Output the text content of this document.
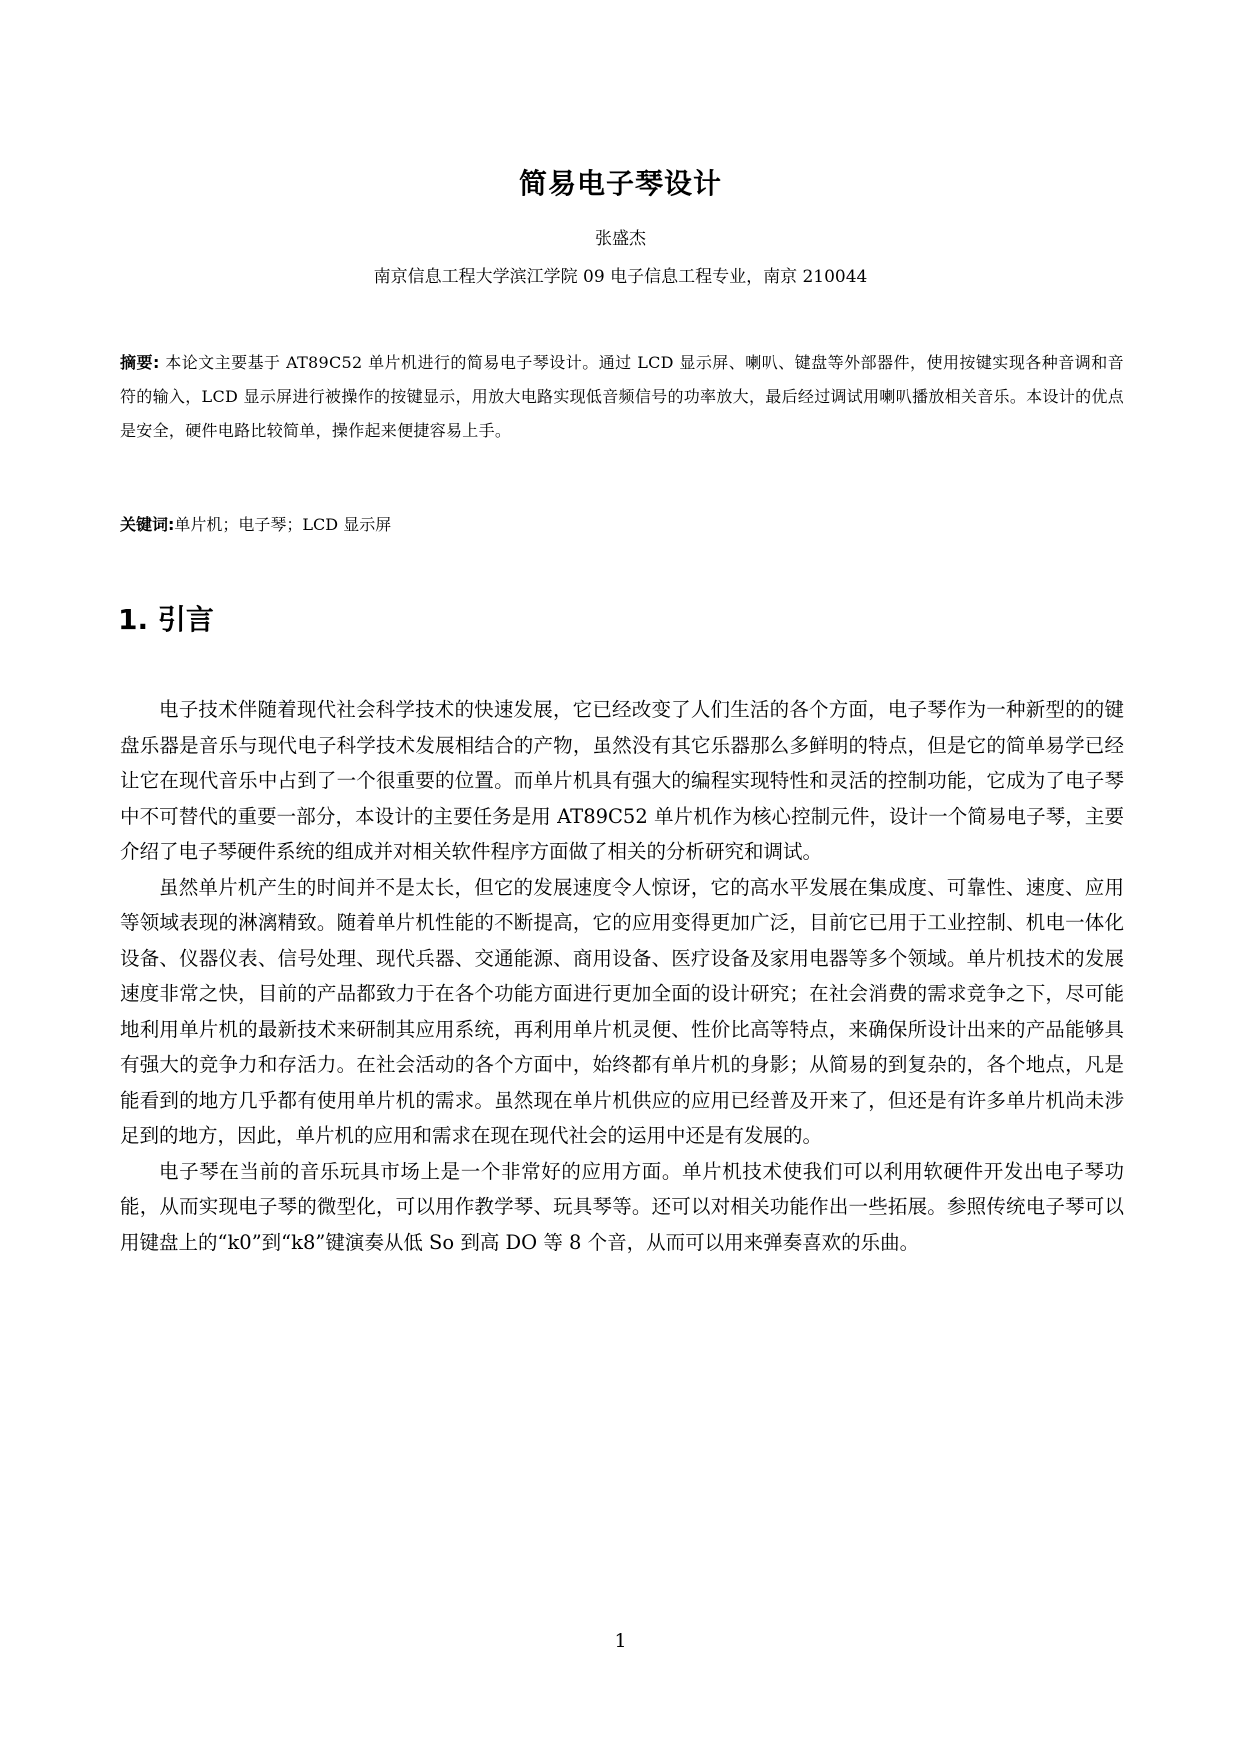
简易电子琴设计
张盛杰
南京信息工程大学滨江学院 09 电子信息工程专业，南京 210044
摘要: 本论文主要基于 AT89C52 单片机进行的简易电子琴设计。通过 LCD 显示屏、喇叭、键盘等外部器件，使用按键实现各种音调和音符的输入，LCD 显示屏进行被操作的按键显示，用放大电路实现低音频信号的功率放大，最后经过调试用喇叭播放相关音乐。本设计的优点是安全，硬件电路比较简单，操作起来便捷容易上手。
关键词:单片机；电子琴；LCD 显示屏
1. 引言

电子技术伴随着现代社会科学技术的快速发展，它已经改变了人们生活的各个方面，电子琴作为一种新型的的键盘乐器是音乐与现代电子科学技术发展相结合的产物，虽然没有其它乐器那么多鲜明的特点，但是它的简单易学已经让它在现代音乐中占到了一个很重要的位置。而单片机具有强大的编程实现特性和灵活的控制功能，它成为了电子琴中不可替代的重要一部分，本设计的主要任务是用 AT89C52 单片机作为核心控制元件，设计一个简易电子琴，主要介绍了电子琴硬件系统的组成并对相关软件程序方面做了相关的分析研究和调试。

虽然单片机产生的时间并不是太长，但它的发展速度令人惊讶，它的高水平发展在集成度、可靠性、速度、应用等领域表现的淋漓精致。随着单片机性能的不断提高，它的应用变得更加广泛，目前它已用于工业控制、机电一体化设备、仪器仪表、信号处理、现代兵器、交通能源、商用设备、医疗设备及家用电器等多个领域。单片机技术的发展速度非常之快，目前的产品都致力于在各个功能方面进行更加全面的设计研究；在社会消费的需求竞争之下，尽可能地利用单片机的最新技术来研制其应用系统，再利用单片机灵便、性价比高等特点，来确保所设计出来的产品能够具有强大的竞争力和存活力。在社会活动的各个方面中，始终都有单片机的身影；从简易的到复杂的，各个地点，凡是能看到的地方几乎都有使用单片机的需求。虽然现在单片机供应的应用已经普及开来了，但还是有许多单片机尚未涉足到的地方，因此，单片机的应用和需求在现在现代社会的运用中还是有发展的。

电子琴在当前的音乐玩具市场上是一个非常好的应用方面。单片机技术使我们可以利用软硬件开发出电子琴功能，从而实现电子琴的微型化，可以用作教学琴、玩具琴等。还可以对相关功能作出一些拓展。参照传统电子琴可以用键盘上的“k0”到“k8”键演奏从低 So 到高 DO 等 8 个音，从而可以用来弹奏喜欢的乐曲。

1
